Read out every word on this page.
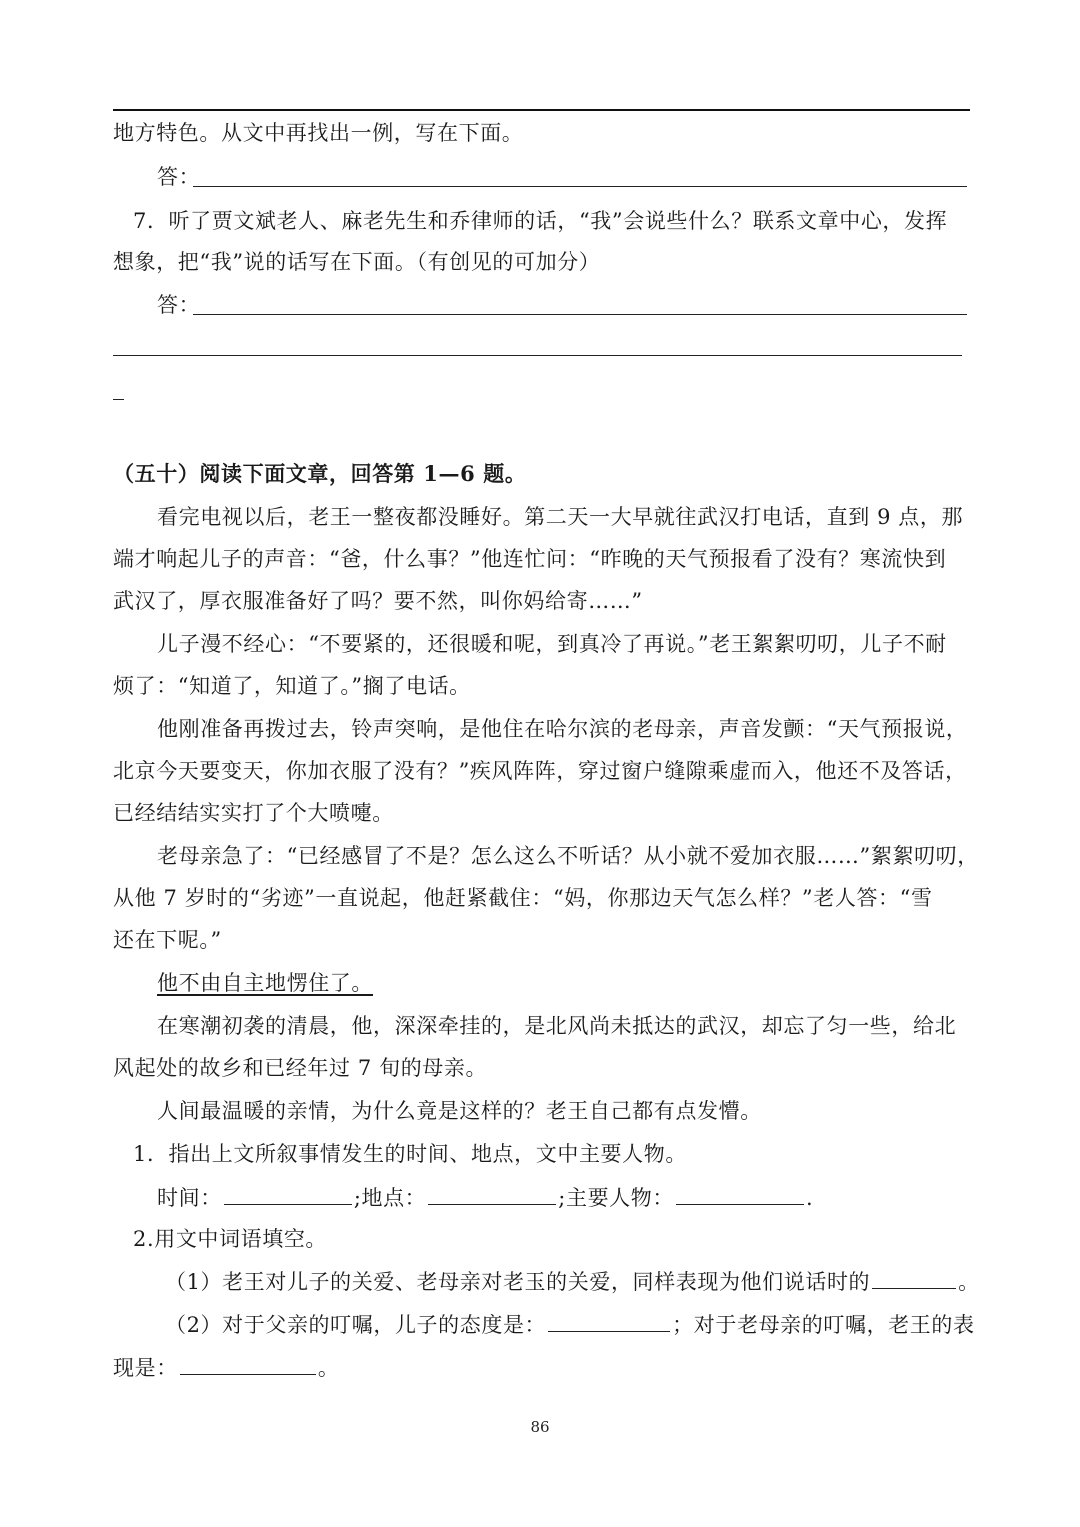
地方特色。从文中再找出一例，写在下面。
答：
7．听了贾文斌老人、麻老先生和乔律师的话，“我”会说些什么？联系文章中心，发挥
想象，把“我”说的话写在下面。（有创见的可加分）
答：
（五十）阅读下面文章，回答第 1—6 题。
看完电视以后，老王一整夜都没睡好。第二天一大早就往武汉打电话，直到 9 点，那
端才响起儿子的声音：“爸，什么事？”他连忙问：“昨晚的天气预报看了没有？寒流快到
武汉了，厚衣服准备好了吗？要不然，叫你妈给寄……”
儿子漫不经心：“不要紧的，还很暖和呢，到真冷了再说。”老王絮絮叨叨，儿子不耐
烦了：“知道了，知道了。”搁了电话。
他刚准备再拨过去，铃声突响，是他住在哈尔滨的老母亲，声音发颤：“天气预报说，
北京今天要变天，你加衣服了没有？”疾风阵阵，穿过窗户缝隙乘虚而入，他还不及答话，
已经结结实实打了个大喷嚏。
老母亲急了：“已经感冒了不是？怎么这么不听话？从小就不爱加衣服……”絮絮叨叨，
从他 7 岁时的“劣迹”一直说起，他赶紧截住：“妈，你那边天气怎么样？”老人答：“雪
还在下呢。”
他不由自主地愣住了。
在寒潮初袭的清晨，他，深深牵挂的，是北风尚未抵达的武汉，却忘了匀一些，给北
风起处的故乡和已经年过 7 旬的母亲。
人间最温暖的亲情，为什么竟是这样的？老王自己都有点发懵。
1．指出上文所叙事情发生的时间、地点，文中主要人物。
时间：	;地点：	;主要人物：	.
2.用文中词语填空。
（1）老王对儿子的关爱、老母亲对老玉的关爱，同样表现为他们说话时的	。
（2）对于父亲的叮嘱，儿子的态度是：	；对于老母亲的叮嘱，老王的表
现是：	。
86
